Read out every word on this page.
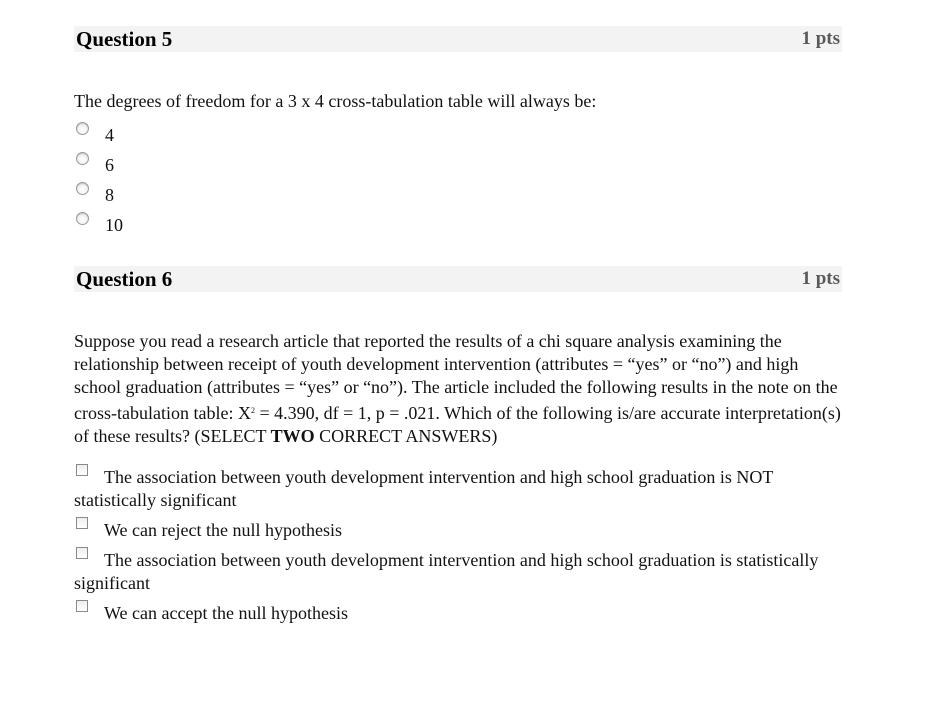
Question 5	1 pts
The degrees of freedom for a 3 x 4 cross-tabulation table will always be:
4
6
8
10
Question 6	1 pts
Suppose you read a research article that reported the results of a chi square analysis examining the relationship between receipt of youth development intervention (attributes = “yes” or “no”) and high school graduation (attributes = “yes” or “no”). The article included the following results in the note on the cross-tabulation table: $X^2 = 4.390$, df = 1, p = .021. Which of the following is/are accurate interpretation(s) of these results? (SELECT TWO CORRECT ANSWERS)
The association between youth development intervention and high school graduation is NOT statistically significant
We can reject the null hypothesis
The association between youth development intervention and high school graduation is statistically significant
We can accept the null hypothesis
